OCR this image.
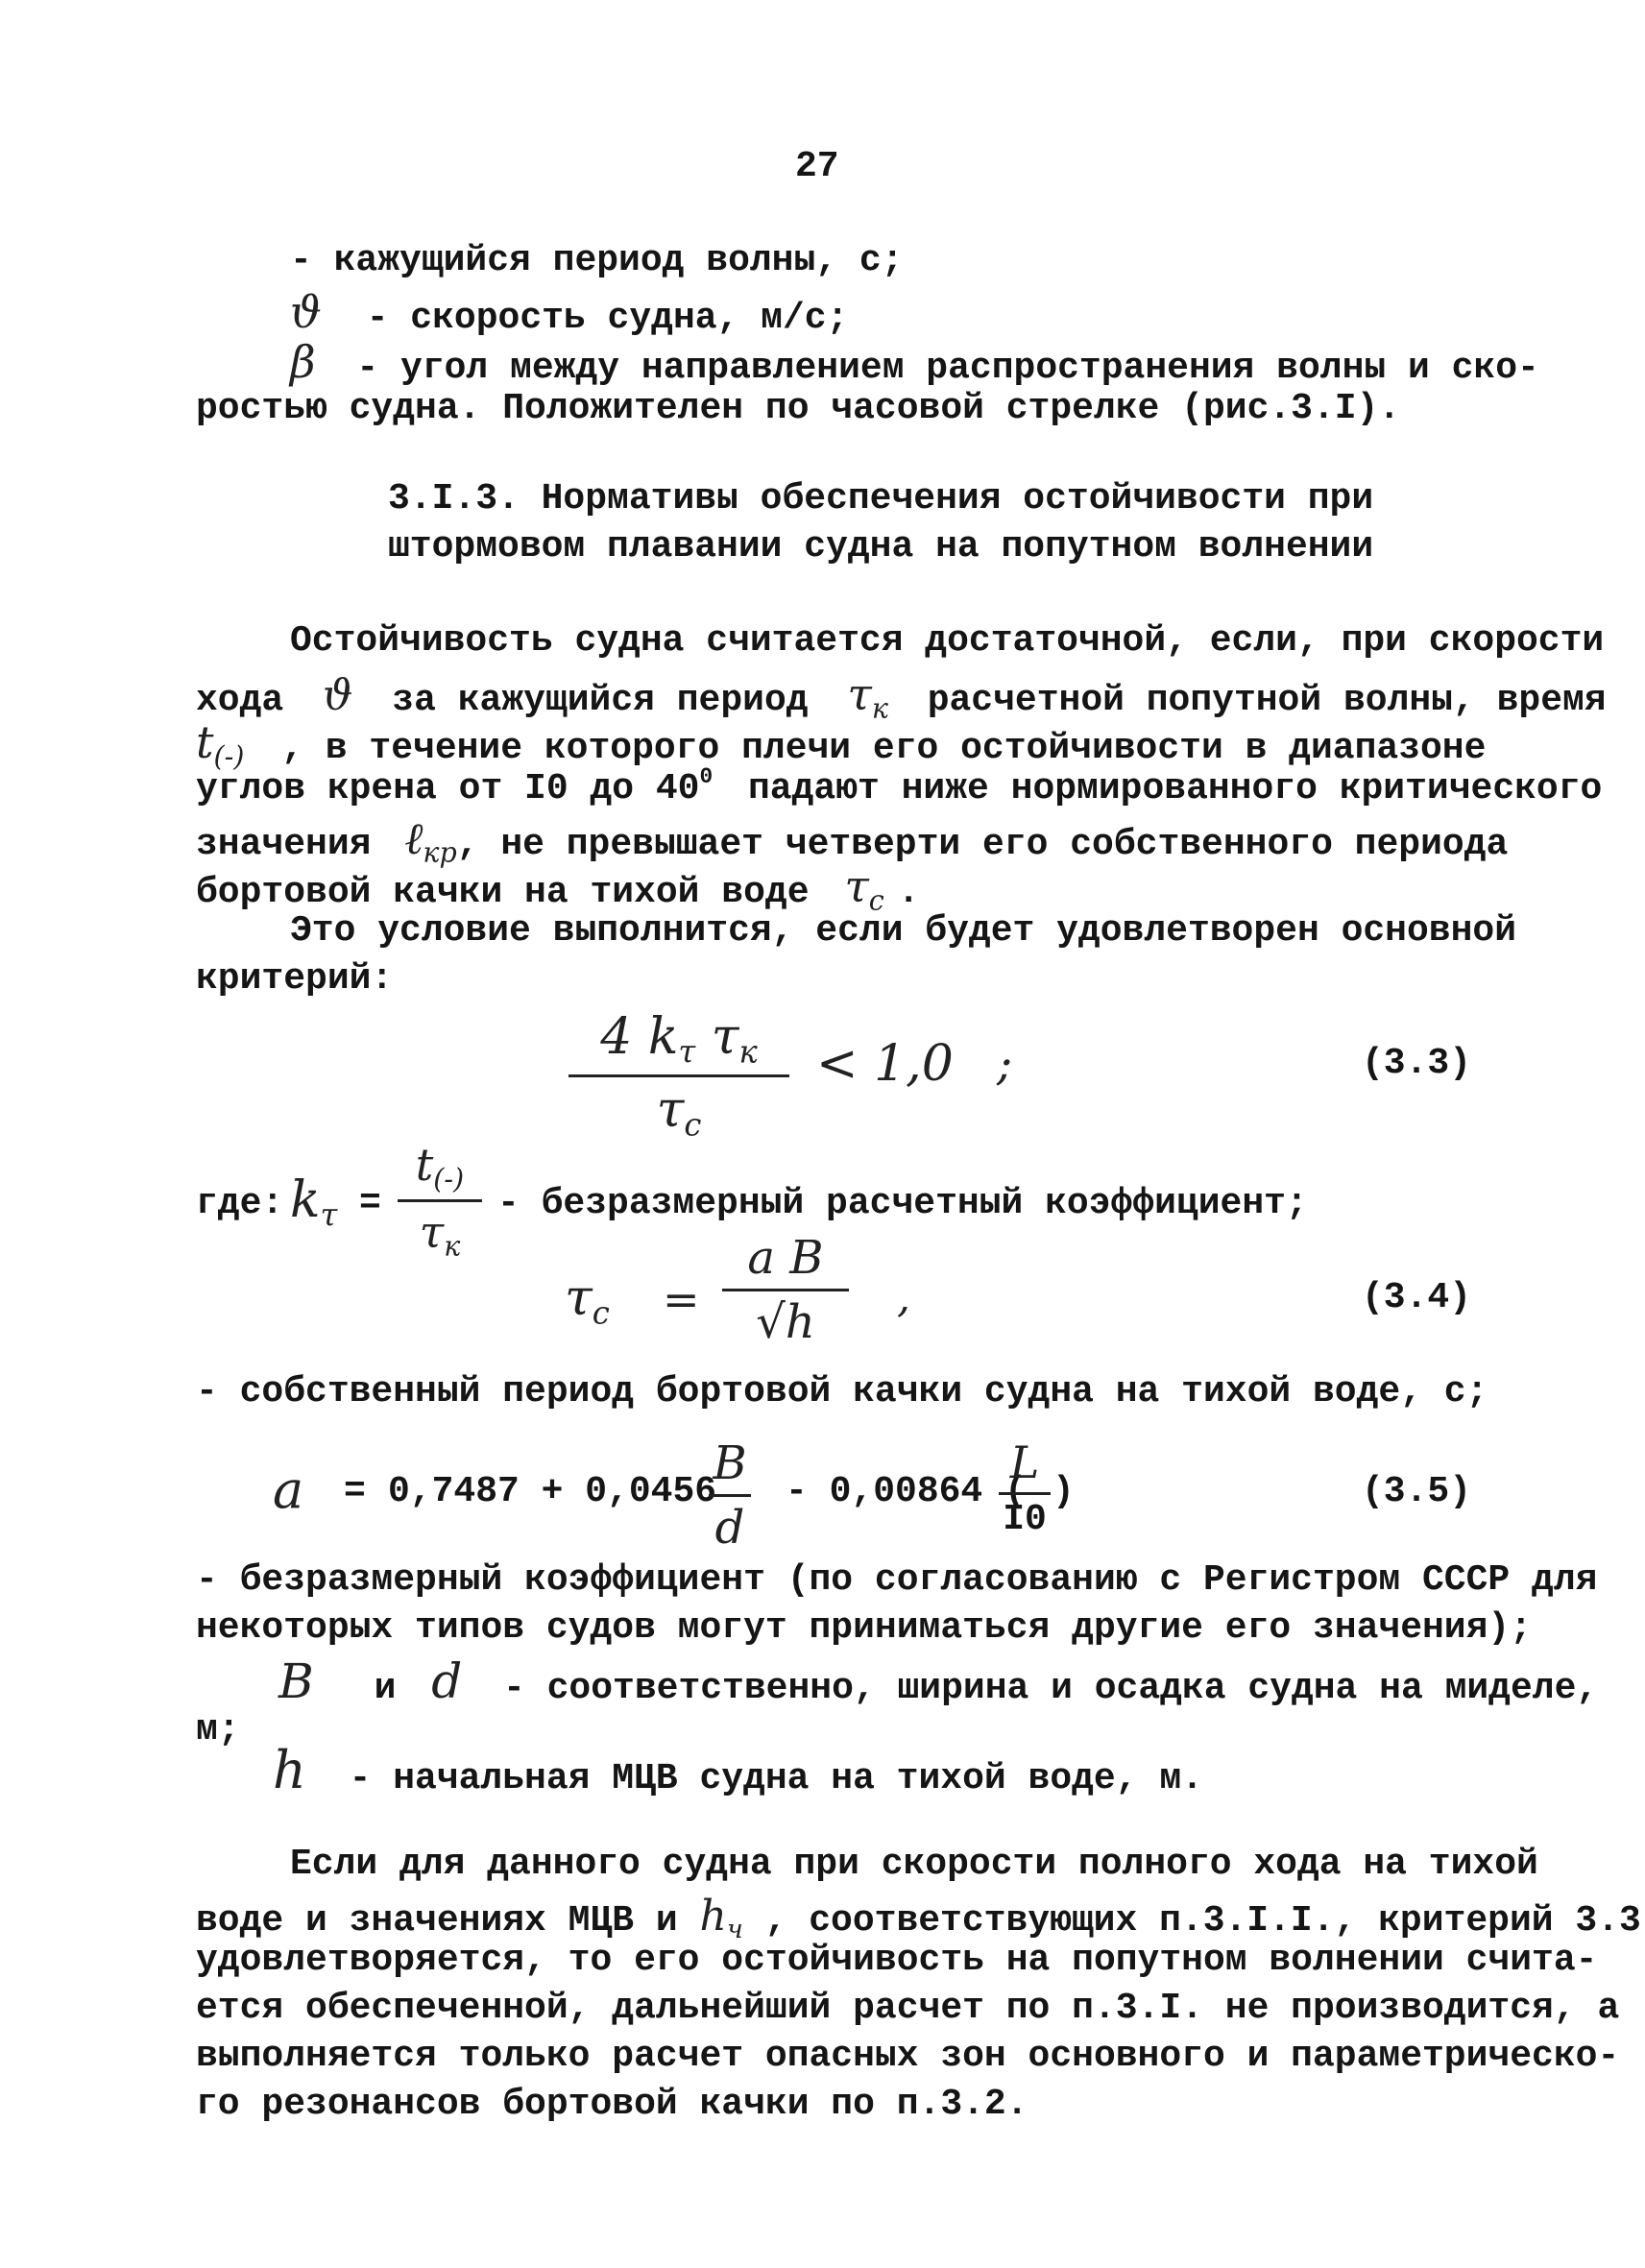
27
- кажущийся период волны, с;
ϑ - скорость судна, м/с;
β - угол между направлением распространения волны и ско-
ростью судна. Положителен по часовой стрелке (рис.3.I).
3.I.3. Нормативы обеспечения остойчивости при
штормовом плавании судна на попутном волнении
Остойчивость судна считается достаточной, если, при скорости
хода ϑ за кажущийся период $\tau_к$ расчетной попутной волны, время
$t_{(-)}$ , в течение которого плечи его остойчивости в диапазоне
углов крена от I0 до $40^0$ падают ниже нормированного критического
значения ℓ$_{кр}$, не превышает четверти его собственного периода
бортовой качки на тихой воде $\tau_с$ .
Это условие выполнится, если будет удовлетворен основной
критерий:
4 $k_\tau$ $\tau_к$
$\tau_с$
< 1,0 ;	(3.3)
где: $k_\tau$ =
$t_{(-)}$
$\tau_к$
- безразмерный расчетный коэффициент;
$\tau_с$ =
a B
√h ,	(3.4)
- собственный период бортовой качки судна на тихой воде, с;
a = 0,7487 + 0,0456
B
d
- 0,00864 (
L
I0
)	(3.5)
- безразмерный коэффициент (по согласованию с Регистром СССР для
некоторых типов судов могут приниматься другие его значения);
B и d - соответственно, ширина и осадка судна на миделе,
м;
h - начальная МЦВ судна на тихой воде, м.
Если для данного судна при скорости полного хода на тихой
воде и значениях МЦВ и $h_ч$ , соответствующих п.3.I.I., критерий 3.3
удовлетворяется, то его остойчивость на попутном волнении счита-
ется обеспеченной, дальнейший расчет по п.3.I. не производится, а
выполняется только расчет опасных зон основного и параметрическо-
го резонансов бортовой качки по п.3.2.
